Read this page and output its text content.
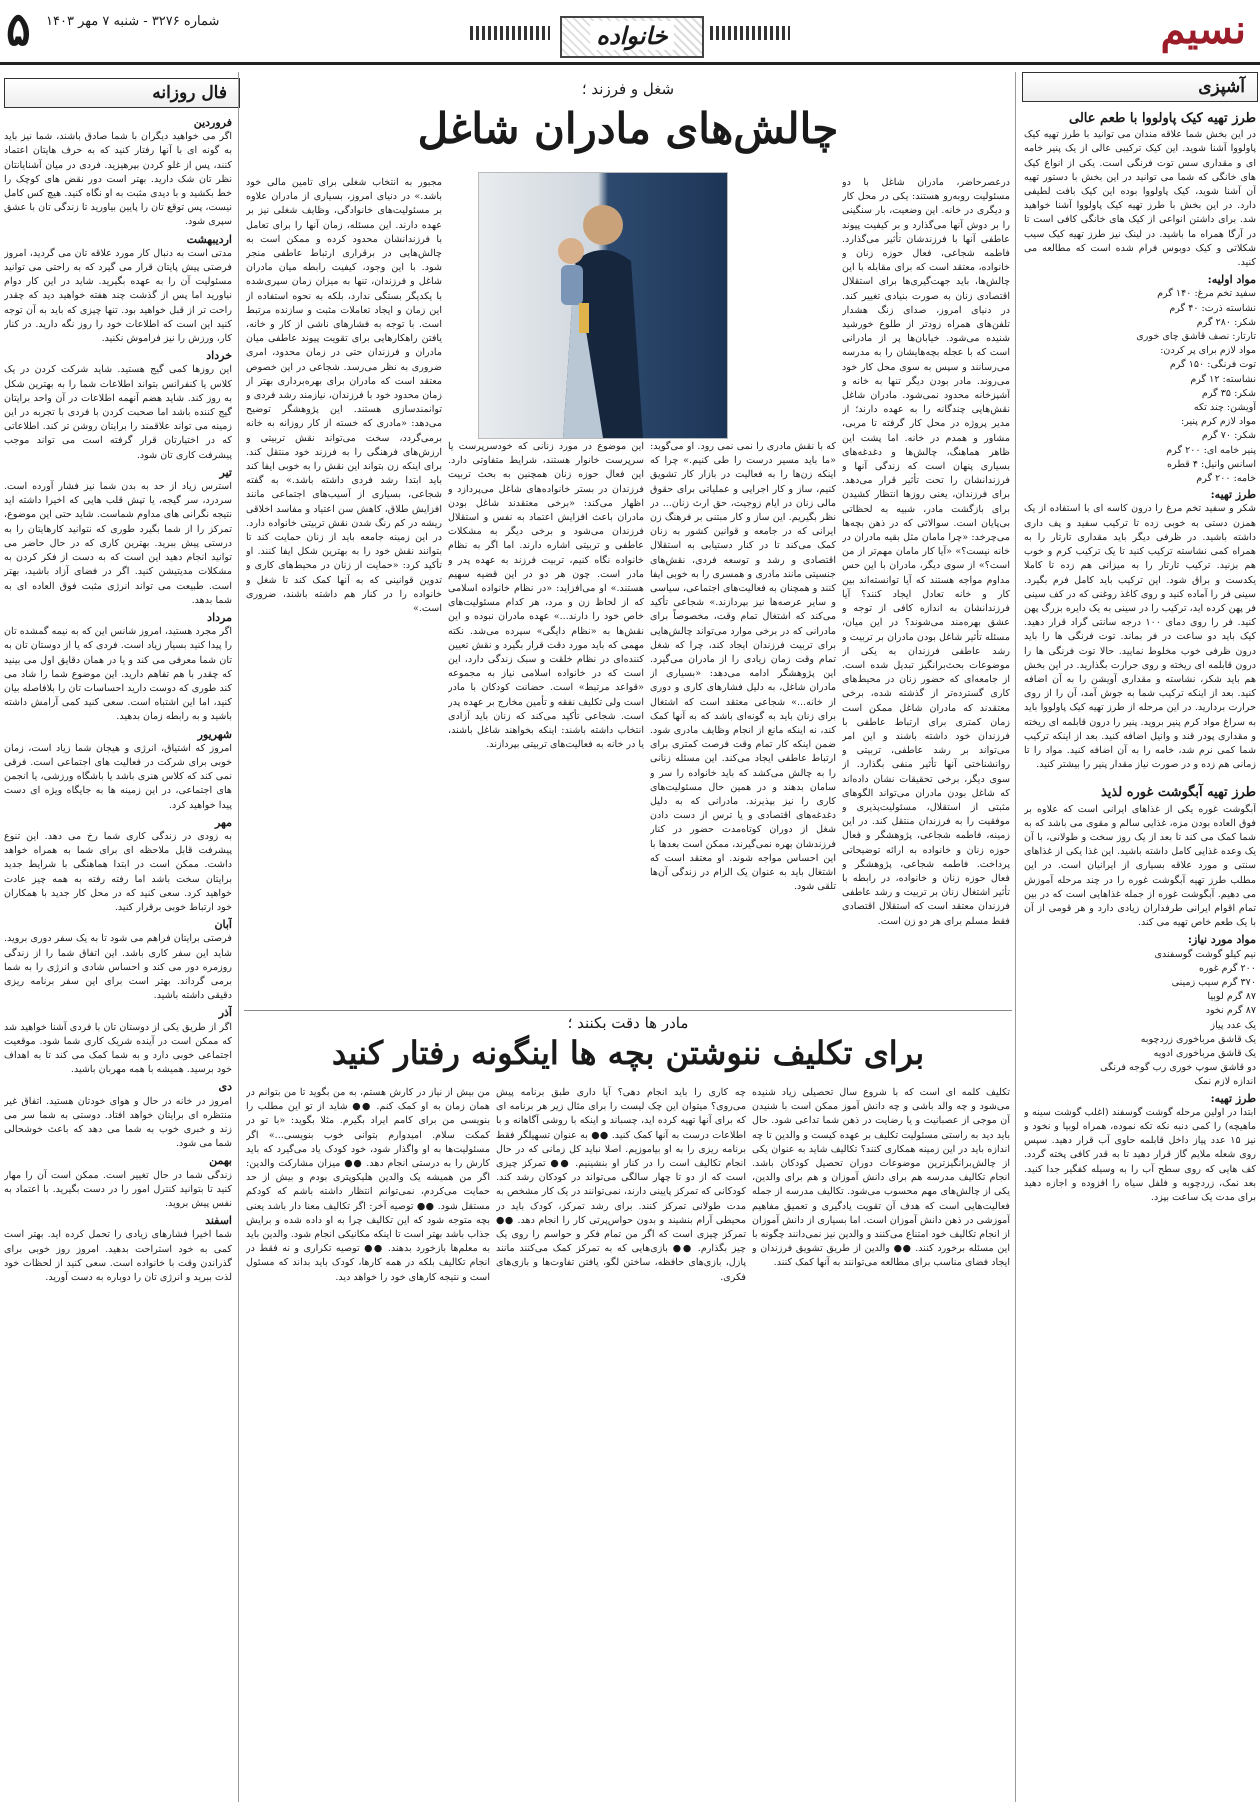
نسیم
خانواده
شماره ۳۲۷۶ - شنبه ۷ مهر ۱۴۰۳
۵
آشپزی
طرز تهیه کیک پاولووا با طعم عالی

در این بخش شما علاقه مندان می توانید با طرز تهیه کیک پاولووا آشنا شوید. این کیک ترکیبی عالی از یک پنیر خامه ای و مقداری سس توت فرنگی است. یکی از انواع کیک های خانگی که شما می توانید در این بخش با دستور تهیه آن آشنا شوید، کیک پاولووا بوده این کیک بافت لطیفی دارد. در این بخش با طرز تهیه کیک پاولووا آشنا خواهید شد. برای داشتن انواعی از کیک های خانگی کافی است تا در آرگا همراه ما باشید. در لینک نیز طرز تهیه کیک سیب شکلاتی و کیک دوبوس فرام شده است که مطالعه می کنید.

مواد اولیه:
سفید تخم مرغ: ۱۴۰ گرم
نشاسته ذرت: ۴۰ گرم
شکر: ۲۸۰ گرم
تارتار: نصف قاشق چای خوری
مواد لازم برای پر کردن:
توت فرنگی: ۱۵۰ گرم
نشاسته: ۱۲ گرم
شکر: ۳۵ گرم
آویشن: چند تکه
مواد لازم کرم پنیر:
شکر: ۷۰ گرم
پنیر خامه ای: ۲۰۰ گرم
اسانس وانیل: ۴ قطره
خامه: ۲۰۰ گرم
طرز تهیه:

شکر و سفید تخم مرغ را درون کاسه ای با استفاده از یک همزن دستی به خوبی زده تا ترکیب سفید و پف داری داشته باشید. در ظرفی دیگر باید مقداری تارتار را به همراه کمی نشاسته ترکیب کنید تا یک ترکیب کرم و خوب هم بزنید. ترکیب تارتار را به میزانی هم زده تا کاملا یکدست و براق شود. این ترکیب باید کامل فرم بگیرد. سینی فر را آماده کنید و روی کاغذ روغنی که در کف سینی فر پهن کرده اید، ترکیب را در سینی به یک دایره بزرگ پهن کنید. فر را روی دمای ۱۰۰ درجه سانتی گراد قرار دهید. کیک باید دو ساعت در فر بماند. توت فرنگی ها را باید درون ظرفی خوب مخلوط نمایید. حالا توت فرنگی ها را درون قابلمه ای ریخته و روی حرارت بگذارید. در این بخش هم باید شکر، نشاسته و مقداری آویشن را به آن اضافه کنید. بعد از اینکه ترکیب شما به جوش آمد، آن را از روی حرارت بردارید. در این مرحله از طرز تهیه کیک پاولووا باید به سراغ مواد کرم پنیر بروید. پنیر را درون قابلمه ای ریخته و مقداری پودر قند و وانیل اضافه کنید. بعد از اینکه ترکیب شما کمی نرم شد، خامه را به آن اضافه کنید. مواد را تا زمانی هم زده و در صورت نیاز مقدار پنیر را بیشتر کنید.

طرز تهیه آبگوشت غوره لذیذ

آبگوشت غوره یکی از غذاهای ایرانی است که علاوه بر فوق العاده بودن مزه، غذایی سالم و مقوی می باشد که به شما کمک می کند تا بعد از یک روز سخت و طولانی، با آن یک وعده غذایی کامل داشته باشید. این غذا یکی از غذاهای سنتی و مورد علاقه بسیاری از ایرانیان است. در این مطلب طرز تهیه آبگوشت غوره را در چند مرحله آموزش می دهیم. آبگوشت غوره از جمله غذاهایی است که در بین تمام اقوام ایرانی طرفداران زیادی دارد و هر قومی از آن با یک طعم خاص تهیه می کند.

مواد مورد نیاز:
نیم کیلو گوشت گوسفندی
۲۰۰ گرم غوره
۳۷۰ گرم سیب زمینی
۸۷ گرم لوبیا
۸۷ گرم نخود
یک عدد پیاز
یک قاشق مرباخوری زردچوبه
یک قاشق مرباخوری ادویه
دو قاشق سوپ خوری رب گوجه فرنگی
اندازه لازم نمک
طرز تهیه:

ابتدا در اولین مرحله گوشت گوسفند (اغلب گوشت سینه و ماهیچه) را کمی دنبه نکه تکه نموده، همراه لوبیا و نخود و نیز ۱۵ عدد پیاز داخل قابلمه حاوی آب قرار دهید. سپس روی شعله ملایم گاز قرار دهید تا به قدر کافی پخته گردد. کف هایی که روی سطح آب را به وسیله کفگیر جدا کنید. بعد نمک، زردچوبه و فلفل سیاه را افزوده و اجازه دهید برای مدت یک ساعت بپزد.

فال روزانه
فروردین

اگر می خواهید دیگران با شما صادق باشند، شما نیز باید به گونه ای با آنها رفتار کنید که به حرف هایتان اعتماد کنند، پس از غلو کردن بپرهیزید. فردی در میان آشنایانتان نظر تان شک دارید. بهتر است دور نقض های کوچک را خط بکشید و با دیدی مثبت به او نگاه کنید. هیچ کس کامل نیست، پس توقع تان را پایین بیاورید تا زندگی تان با عشق سپری شود.

اردیبهشت

مدتی است به دنبال کار مورد علاقه تان می گردید، امروز فرصتی پیش پایتان قرار می گیرد که به راحتی می توانید مسئولیت آن را به عهده بگیرید. شاید در این کار دوام نیاورید اما پس از گذشت چند هفته خواهید دید که چقدر راحت تر از قبل خواهید بود. تنها چیزی که باید به آن توجه کنید این است که اطلاعات خود را روز نگه دارید. در کنار کار، ورزش را نیز فراموش نکنید.

خرداد

این روزها کمی گیج هستید. شاید شرکت کردن در یک کلاس یا کنفرانس بتواند اطلاعات شما را به بهترین شکل به روز کند. شاید هضم آنهمه اطلاعات در آن واحد برایتان گیج کننده باشد اما صحبت کردن با فردی با تجربه در این زمینه می تواند علاقمند را برایتان روشن تر کند. اطلاعاتی که در اختیارتان قرار گرفته است می تواند موجب پیشرفت کاری تان شود.

تیر

استرس زیاد از حد به بدن شما نیز فشار آورده است. سردرد، سر گیجه، یا تپش قلب هایی که اخیرا داشته اید نتیجه نگرانی های مداوم شماست. شاید حتی این موضوع، تمرکز را از شما بگیرد طوری که نتوانید کارهایتان را به درستی پیش ببرید. بهترین کاری که در حال حاضر می توانید انجام دهید این است که به دست از فکر کردن به مشکلات مدیتیشن کنید. اگر در فضای آزاد باشید، بهتر است. طبیعت می تواند انرژی مثبت فوق العاده ای به شما بدهد.

مرداد

اگر مجرد هستید، امروز شانس این که به نیمه گمشده تان را پیدا کنید بسیار زیاد است. فردی که یا از دوستان تان به تان شما معرفی می کند و یا در همان دقایق اول می بینید که چقدر با هم تفاهم دارید. این موضوع شما را شاد می کند طوری که دوست دارید احساسات تان را بلافاصله بیان کنید، اما این اشتباه است. سعی کنید کمی آرامش داشته باشید و به رابطه زمان بدهید.

شهریور

امروز که اشتیاق، انرژی و هیجان شما زیاد است، زمان خوبی برای شرکت در فعالیت های اجتماعی است. فرقی نمی کند که کلاس هنری باشد یا باشگاه ورزشی، یا انجمن های اجتماعی، در این زمینه ها به جایگاه ویژه ای دست پیدا خواهید کرد.

مهر

به زودی در زندگی کاری شما رخ می دهد. این تنوع پیشرفت قابل ملاحظه ای برای شما به همراه خواهد داشت. ممکن است در ابتدا هماهنگی با شرایط جدید برایتان سخت باشد اما رفته رفته به همه چیز عادت خواهید کرد. سعی کنید که در محل کار جدید با همکاران خود ارتباط خوبی برقرار کنید.

آبان

فرصتی برایتان فراهم می شود تا به یک سفر دوری بروید. شاید این سفر کاری باشد. این اتفاق شما را از زندگی روزمره دور می کند و احساس شادی و انرژی را به شما برمی گرداند. بهتر است برای این سفر برنامه ریزی دقیقی داشته باشید.

آذر

اگر از طریق یکی از دوستان تان با فردی آشنا خواهید شد که ممکن است در آینده شریک کاری شما شود. موقعیت اجتماعی خوبی دارد و به شما کمک می کند تا به اهداف خود برسید. همیشه با همه مهربان باشید.

دی

امروز در خانه در حال و هوای خودتان هستید. اتفاق غیر منتظره ای برایتان خواهد افتاد. دوستی به شما سر می زند و خبری خوب به شما می دهد که باعث خوشحالی شما می شود.

بهمن

زندگی شما در حال تغییر است. ممکن است آن را مهار کنید تا بتوانید کنترل امور را در دست بگیرید. با اعتماد به نفس پیش بروید.

اسفند

شما اخیرا فشارهای زیادی را تحمل کرده اید. بهتر است کمی به خود استراحت بدهید. امروز روز خوبی برای گذراندن وقت با خانواده است. سعی کنید از لحظات خود لذت ببرید و انرژی تان را دوباره به دست آورید.

شغل و فرزند ؛
چالش‌های مادران شاغل
درعصرحاضر، مادران شاغل با دو مسئولیت روبه‌رو هستند: یکی در محل کار و دیگری در خانه. این وضعیت، بار سنگینی را بر دوش آنها می‌گذارد و بر کیفیت پیوند عاطفی آنها با فرزندشان تأثیر می‌گذارد. فاطمه شجاعی، فعال حوزه زنان و خانواده، معتقد است که برای مقابله با این چالش‌ها، باید جهت‌گیری‌ها برای استقلال اقتصادی زنان به صورت بنیادی تغییر کند. در دنیای امروز، صدای زنگ هشدار تلفن‌های همراه زودتر از طلوع خورشید شنیده می‌شود. خیابان‌ها پر از مادرانی است که با عجله بچه‌هایشان را به مدرسه می‌رسانند و سپس به سوی محل کار خود می‌روند. مادر بودن دیگر تنها به خانه و آشپزخانه محدود نمی‌شود. مادران شاغل نقش‌هایی چندگانه را به عهده دارند؛ از مدیر پروژه در محل کار گرفته تا مربی، مشاور و همدم در خانه. اما پشت این ظاهر هماهنگ، چالش‌ها و دغدغه‌های بسیاری پنهان است که زندگی آنها و فرزندانشان را تحت تأثیر قرار می‌دهد. برای فرزندان، یعنی روزها انتظار کشیدن برای بازگشت مادر، شبیه به لحظاتی بی‌پایان است. سوالاتی که در ذهن بچه‌ها می‌چرخد: «چرا مامان مثل بقیه مادران در خانه نیست؟» «آیا کار مامان مهم‌تر از من است؟» از سوی دیگر، مادران با این حس مداوم مواجه هستند که آیا توانسته‌اند بین کار و خانه تعادل ایجاد کنند؟ آیا فرزندانشان به اندازه کافی از توجه و عشق بهره‌مند می‌شوند؟ در این میان، مسئله تأثیر شاغل بودن مادران بر تربیت و رشد عاطفی فرزندان به یکی از موضوعات بحث‌برانگیز تبدیل شده است. از جامعه‌ای که حضور زنان در محیط‌های کاری گسترده‌تر از گذشته شده، برخی معتقدند که مادران شاغل ممکن است زمان کمتری برای ارتباط عاطفی با فرزندان خود داشته باشند و این امر می‌تواند بر رشد عاطفی، تربیتی و روانشناختی آنها تأثیر منفی بگذارد. از سوی دیگر، برخی تحقیقات نشان داده‌اند که شاغل بودن مادران می‌تواند الگوهای مثبتی از استقلال، مسئولیت‌پذیری و موفقیت را به فرزندان منتقل کند. در این زمینه، فاطمه شجاعی، پژوهشگر و فعال حوزه زنان و خانواده به ارائه توضیحاتی پرداخت. فاطمه شجاعی، پژوهشگر و فعال حوزه زنان و خانواده، در رابطه با تأثیر اشتغال زنان بر تربیت و رشد عاطفی فرزندان معتقد است که استقلال اقتصادی فقط مسلم برای هر دو زن است.
که با نقش مادری را نمی نمی رود. او می‌گوید: «ما باید مسیر درست را طی کنیم.» چرا که اینکه زن‌ها را به فعالیت در بازار کار تشویق کنیم، ساز و کار اجرایی و عملیاتی برای حقوق مالی زنان در ایام زوجیت، حق ارث زنان... در نظر بگیریم. این ساز و کار مبتنی بر فرهنگ زن ایرانی که در جامعه و قوانین کشور به زنان کمک می‌کند تا در کنار دستیابی به استقلال اقتصادی و رشد و توسعه فردی، نقش‌های جنسیتی مانند مادری و همسری را به خوبی ایفا کنند و همچنان به فعالیت‌های اجتماعی، سیاسی و سایر عرصه‌ها نیز بپردازند.» شجاعی تأکید می‌کند که اشتغال تمام وقت، مخصوصاً برای مادرانی که در برخی موارد می‌تواند چالش‌هایی برای تربیت فرزندان ایجاد کند، چرا که شغل تمام وقت زمان زیادی را از مادران می‌گیرد. این پژوهشگر ادامه می‌دهد: «بسیاری از مادران شاغل، به دلیل فشارهای کاری و دوری از خانه...» شجاعی معتقد است که اشتغال برای زنان باید به گونه‌ای باشد که به آنها کمک کند، نه اینکه مانع از انجام وظایف مادری شود. ضمن اینکه کار تمام وقت فرصت کمتری برای ارتباط عاطفی ایجاد می‌کند. این مسئله زنانی را به چالش می‌کشد که باید خانواده را سر و سامان بدهند و در همین حال مسئولیت‌های کاری را نیز بپذیرند. مادرانی که به دلیل دغدغه‌های اقتصادی و یا ترس از دست دادن شغل از دوران کوتاه‌مدت حضور در کنار فرزندشان بهره نمی‌گیرند، ممکن است بعدها با این احساس مواجه شوند. او معتقد است که اشتغال باید به عنوان یک الزام در زندگی آن‌ها تلقی شود.
این موضوع در مورد زنانی که خودسرپرست یا سرپرست خانوار هستند، شرایط متفاوتی دارد. این فعال حوزه زنان همچنین به بحث تربیت فرزندان در بستر خانواده‌های شاغل می‌پردازد و اظهار می‌کند: «برخی معتقدند شاغل بودن مادران باعث افزایش اعتماد به نفس و استقلال فرزندان می‌شود و برخی دیگر به مشکلات عاطفی و تربیتی اشاره دارند. اما اگر به نظام خانواده نگاه کنیم، تربیت فرزند به عهده پدر و مادر است. چون هر دو در این قضیه سهیم هستند.» او می‌افزاید: «در نظام خانواده اسلامی که از لحاظ زن و مرد، هر کدام مسئولیت‌های خاص خود را دارند...» عهده مادران نبوده و این نقش‌ها به «نظام دایگی» سپرده می‌شد. نکته مهمی که باید مورد دقت قرار بگیرد و نقش تعیین کننده‌ای در نظام خلقت و سبک زندگی دارد، این است که در خانواده اسلامی نیاز به مجموعه «قواعد مرتبط» است. حضانت کودکان با مادر است ولی تکلیف نفقه و تأمین مخارج بر عهده پدر است. شجاعی تأکید می‌کند که زنان باید آزادی انتخاب داشته باشند: اینکه بخواهند شاغل باشند، یا در خانه به فعالیت‌های تربیتی بپردازند.
مجبور به انتخاب شغلی برای تامین مالی خود باشد.» در دنیای امروز، بسیاری از مادران علاوه بر مسئولیت‌های خانوادگی، وظایف شغلی نیز بر عهده دارند. این مسئله، زمان آنها را برای تعامل با فرزندانشان محدود کرده و ممکن است به چالش‌هایی در برقراری ارتباط عاطفی منجر شود. با این وجود، کیفیت رابطه میان مادران شاغل و فرزندان، تنها به میزان زمان سپری‌شده با یکدیگر بستگی ندارد، بلکه به نحوه استفاده از این زمان و ایجاد تعاملات مثبت و سازنده مرتبط است. با توجه به فشارهای ناشی از کار و خانه، یافتن راهکارهایی برای تقویت پیوند عاطفی میان مادران و فرزندان حتی در زمان محدود، امری ضروری به نظر می‌رسد. شجاعی در این خصوص معتقد است که مادران برای بهره‌برداری بهتر از زمان محدود خود با فرزندان، نیازمند رشد فردی و توانمندسازی هستند. این پژوهشگر توضیح می‌دهد: «مادری که خسته از کار روزانه به خانه برمی‌گردد، سخت می‌تواند نقش تربیتی و ارزش‌های فرهنگی را به فرزند خود منتقل کند. برای اینکه زن بتواند این نقش را به خوبی ایفا کند باید ابتدا رشد فردی داشته باشد.» به گفته شجاعی، بسیاری از آسیب‌های اجتماعی مانند افزایش طلاق، کاهش سن اعتیاد و مفاسد اخلاقی ریشه در کم رنگ شدن نقش تربیتی خانواده دارد. در این زمینه جامعه باید از زنان حمایت کند تا بتوانند نقش خود را به بهترین شکل ایفا کنند. او تأکید کرد: «حمایت از زنان در محیط‌های کاری و تدوین قوانینی که به آنها کمک کند تا شغل و خانواده را در کنار هم داشته باشند، ضروری است.»
مادر ها دقت بکنند ؛
برای تکلیف ننوشتن بچه ها اینگونه رفتار کنید
تکلیف کلمه ای است که با شروع سال تحصیلی زیاد شنیده می‌شود و چه والد باشی و چه دانش آموز ممکن است با شنیدن آن موجی از عصبانیت و یا رضایت در ذهن شما تداعی شود. حال باید دید به راستی مسئولیت تکلیف بر عهده کیست و والدین تا چه اندازه باید در این زمینه همکاری کنند؟ تکالیف شاید به عنوان یکی از چالش‌برانگیزترین موضوعات دوران تحصیل کودکان باشد. انجام تکالیف مدرسه هم برای دانش آموزان و هم برای والدین، یکی از چالش‌های مهم محسوب می‌شود. تکالیف مدرسه از جمله فعالیت‌هایی است که هدف آن تقویت یادگیری و تعمیق مفاهیم آموزشی در ذهن دانش آموزان است. اما بسیاری از دانش آموزان از انجام تکالیف خود امتناع می‌کنند و والدین نیز نمی‌دانند چگونه با این مسئله برخورد کنند. ●● والدین از طریق تشویق فرزندان و ایجاد فضای مناسب برای مطالعه می‌توانند به آنها کمک کنند.
چه کاری را باید انجام دهی؟ آیا داری طبق برنامه پیش می‌روی؟ میتوان این چک لیست را برای مثال زیر هر برنامه ای که برای آنها تهیه کرده اید، چسباند و اینکه با روشی آگاهانه و با اطلاعات درست به آنها کمک کنید. ●● به عنوان تسهیلگر فقط برنامه ریزی را به او بیاموزیم. اصلا نباید کل زمانی که در حال انجام تکالیف است را در کنار او بنشینیم. ●● تمرکز چیزی است که از دو تا چهار سالگی می‌تواند در کودکان رشد کند. کودکانی که تمرکز پایینی دارند، نمی‌توانند در یک کار مشخص به مدت طولانی تمرکز کنند. برای رشد تمرکز، کودک باید در محیطی آرام بنشیند و بدون حواس‌پرتی کار را انجام دهد. ●● تمرکز چیزی است که اگر من تمام فکر و حواسم را روی یک چیز بگذارم. ●● بازی‌هایی که به تمرکز کمک می‌کنند مانند پازل، بازی‌های حافظه، ساختن لگو، یافتن تفاوت‌ها و بازی‌های فکری.
من بیش از نیاز در کارش هستم، به من بگوید تا من بتوانم در همان زمان به او کمک کنم. ●● شاید از تو این مطلب را بنویسی من برای کامم ایراد بگیرم. مثلا بگوید: «با تو در کمکت سلام. امیدوارم بتوانی خوب بنویسی...» اگر مسئولیت‌ها به او واگذار شود، خود کودک یاد می‌گیرد که باید کارش را به درستی انجام دهد. ●● میزان مشارکت والدین: اگر من همیشه یک والدین هلیکوپتری بودم و بیش از حد حمایت می‌کردم، نمی‌توانم انتظار داشته باشم که کودکم مستقل شود. ●● توصیه آخر: اگر تکالیف معنا دار باشد یعنی بچه متوجه شود که این تکالیف چرا به او داده شده و برایش جذاب باشد بهتر است تا اینکه مکانیکی انجام شود. والدین باید به معلم‌ها بازخورد بدهند. ●● توصیه تکراری و نه فقط در انجام تکالیف بلکه در همه کارها، کودک باید بداند که مسئول است و نتیجه کارهای خود را خواهد دید.
